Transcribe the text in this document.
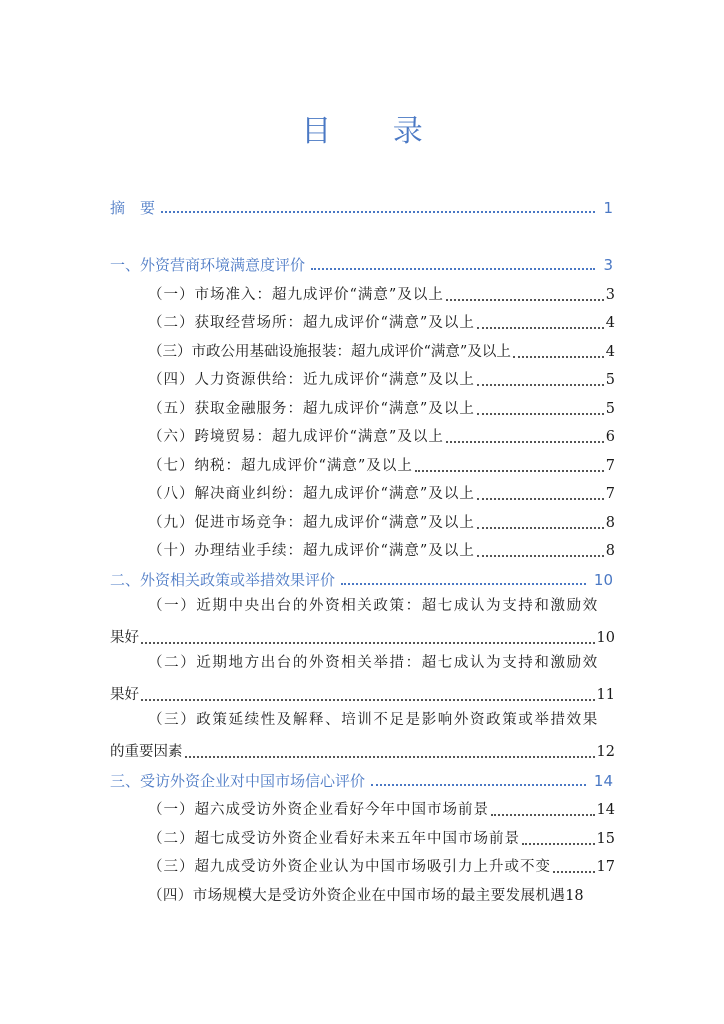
目 录
摘　要	1
一、外资营商环境满意度评价	3
（一）市场准入：超九成评价“满意”及以上	3
（二）获取经营场所：超九成评价“满意”及以上	4
（三）市政公用基础设施报装：超九成评价“满意”及以上	4
（四）人力资源供给：近九成评价“满意”及以上	5
（五）获取金融服务：超九成评价“满意”及以上	5
（六）跨境贸易：超九成评价“满意”及以上	6
（七）纳税：超九成评价“满意”及以上	7
（八）解决商业纠纷：超九成评价“满意”及以上	7
（九）促进市场竞争：超九成评价“满意”及以上	8
（十）办理结业手续：超九成评价“满意”及以上	8
二、外资相关政策或举措效果评价	10
（一）近期中央出台的外资相关政策：超七成认为支持和激励效
果好	10
（二）近期地方出台的外资相关举措：超七成认为支持和激励效
果好	11
（三）政策延续性及解释、培训不足是影响外资政策或举措效果
的重要因素	12
三、受访外资企业对中国市场信心评价	14
（一）超六成受访外资企业看好今年中国市场前景	14
（二）超七成受访外资企业看好未来五年中国市场前景	15
（三）超九成受访外资企业认为中国市场吸引力上升或不变	17
（四）市场规模大是受访外资企业在中国市场的最主要发展机遇 18
